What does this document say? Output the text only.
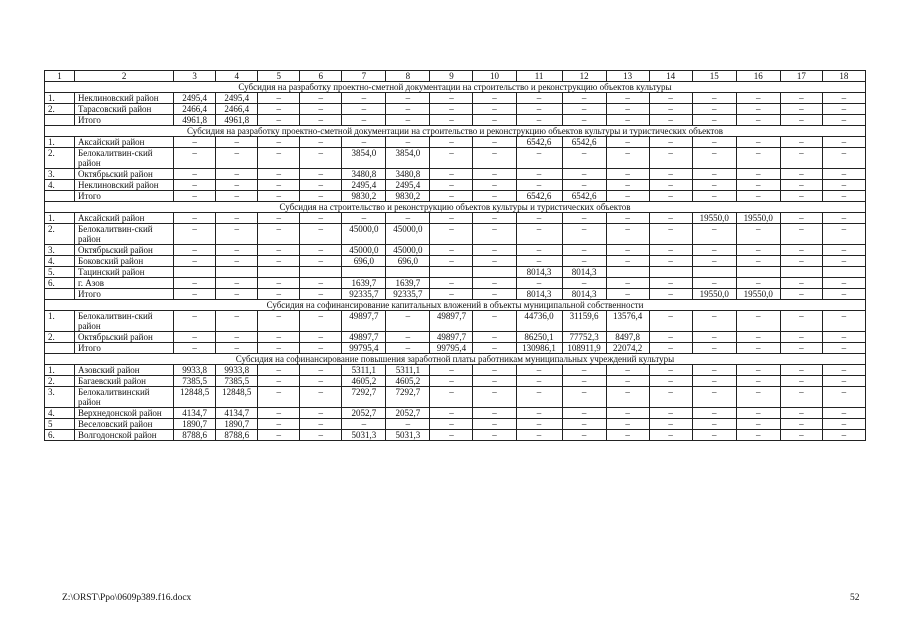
1	2	3	4	5	6	7	8	9	10	11	12	13	14	15	16	17	18
Субсидия на разработку проектно-сметной документации на строительство и реконструкцию объектов культуры																	
1.	Неклиновский район	2495,4	2495,4	–	–	–	–	–	–	–	–	–	–	–	–	–	–
2.	Тарасовский район	2466,4	2466,4	–	–	–	–	–	–	–	–	–	–	–	–	–	–
	Итого	4961,8	4961,8	–	–	–	–	–	–	–	–	–	–	–	–	–	–
Субсидия на разработку проектно-сметной документации на строительство и реконструкцию объектов культуры и туристических объектов																	
1.	Аксайский район	–	–	–	–	–	–	–	–	6542,6	6542,6	–	–	–	–	–	–
2.	Белокалитвин-ский район	–	–	–	–	3854,0	3854,0	–	–	–	–	–	–	–	–	–	–
3.	Октябрьский район	–	–	–	–	3480,8	3480,8	–	–	–	–	–	–	–	–	–	–
4.	Неклиновский район	–	–	–	–	2495,4	2495,4	–	–	–	–	–	–	–	–	–	–
	Итого	–	–	–	–	9830,2	9830,2	–	–	6542,6	6542,6	–	–	–	–	–	–
Субсидия на строительство и реконструкцию объектов культуры и туристических объектов																	
1.	Аксайский район	–	–	–	–	–	–	–	–	–	–	–	–	19550,0	19550,0	–	–
2.	Белокалитвин-ский район	–	–	–	–	45000,0	45000,0	–	–	–	–	–	–	–	–	–	–
3.	Октябрьский район	–	–	–	–	45000,0	45000,0	–	–	–	–	–	–	–	–	–	–
4.	Боковский район	–	–	–	–	696,0	696,0	–	–	–	–	–	–	–	–	–	–
5.	Тацинский район									8014,3	8014,3						
6.	г. Азов	–	–	–	–	1639,7	1639,7	–	–	–	–	–	–	–	–	–	–
	Итого	–	–	–	–	92335,7	92335,7	–	–	8014,3	8014,3	–	–	19550,0	19550,0	–	–
Субсидия на софинансирование капитальных вложений в объекты муниципальной собственности																	
1.	Белокалитвин-ский район	–	–	–	–	49897,7	–	49897,7	–	44736,0	31159,6	13576,4	–	–	–	–	–
2.	Октябрьский район	–	–	–	–	49897,7	–	49897,7	–	86250,1	77752,3	8497,8	–	–	–	–	–
	Итого	–	–	–	–	99795,4	–	99795,4	–	130986,1	108911,9	22074,2	–	–	–	–	–
Субсидия на софинансирование повышения заработной платы работникам муниципальных учреждений культуры																	
1.	Азовский район	9933,8	9933,8	–	–	5311,1	5311,1	–	–	–	–	–	–	–	–	–	–
2.	Багаевский район	7385,5	7385,5	–	–	4605,2	4605,2	–	–	–	–	–	–	–	–	–	–
3.	Белокалитвинский район	12848,5	12848,5	–	–	7292,7	7292,7	–	–	–	–	–	–	–	–	–	–
4.	Верхнедонской район	4134,7	4134,7	–	–	2052,7	2052,7	–	–	–	–	–	–	–	–	–	–
5	Веселовский район	1890,7	1890,7	–	–	–	–	–	–	–	–	–	–	–	–	–	–
6.	Волгодонской район	8788,6	8788,6	–	–	5031,3	5031,3	–	–	–	–	–	–	–	–	–	–
Z:\ORST\Ppo\0609p389.f16.docx	52
